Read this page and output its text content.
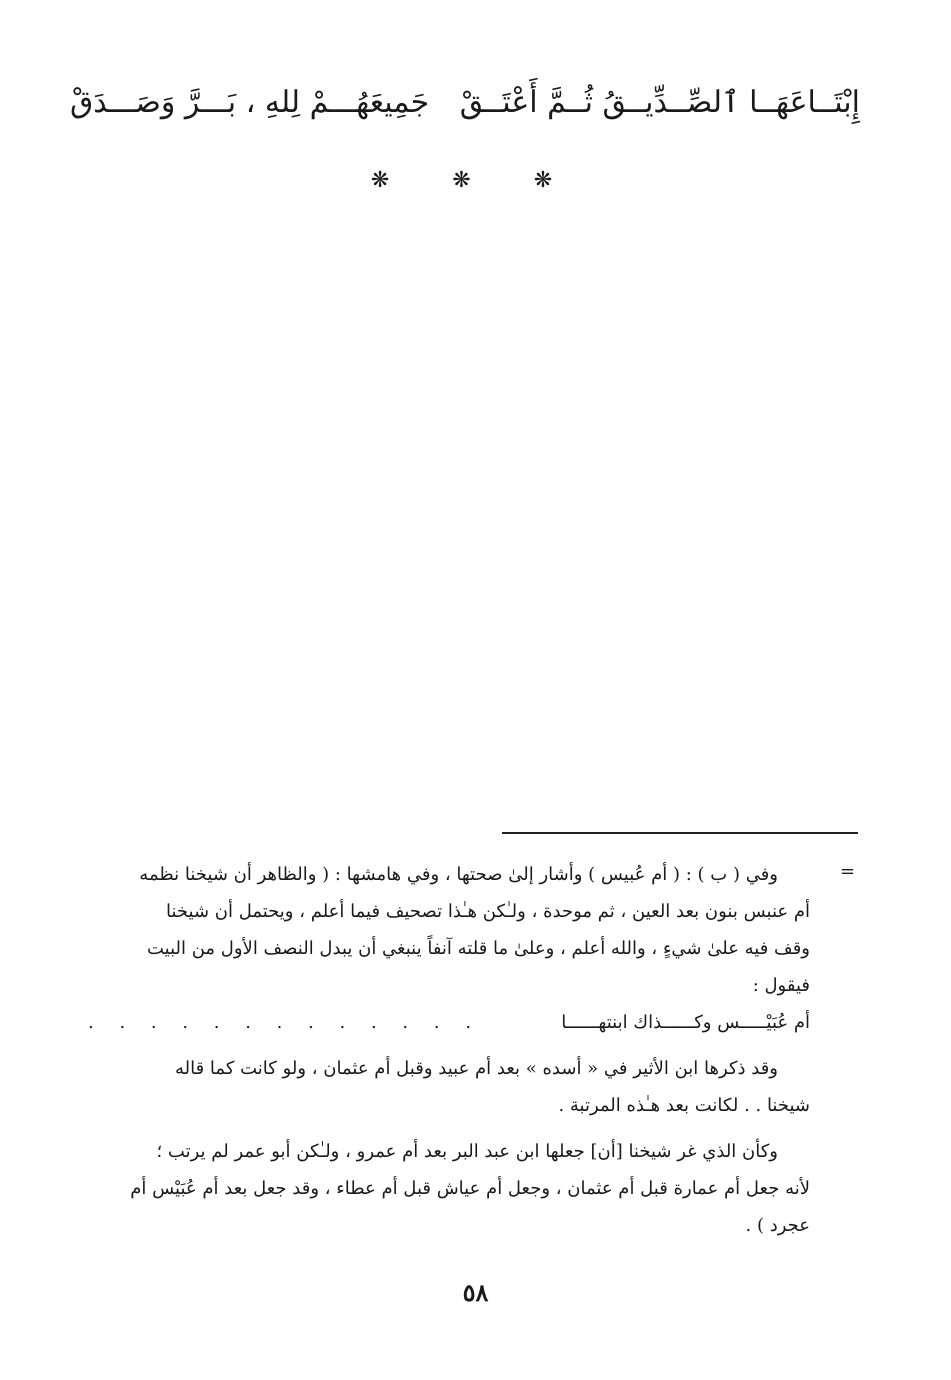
إِبْتَــاعَهَــا ٱلصِّــدِّيــقُ ثُــمَّ أَعْتَــقْ
جَمِيعَهُـــمْ لِلهِ ، بَـــرَّ وَصَـــدَقْ
❋ ❋ ❋
=
وفي ( ب ) : ( أم عُبيس ) وأشار إلىٰ صحتها ، وفي هامشها : ( والظاهر أن شيخنا نظمه
أم عنبس بنون بعد العين ، ثم موحدة ، ولـٰكن هـٰذا تصحيف فيما أعلم ، ويحتمل أن شيخنا
وقف فيه علىٰ شيءٍ ، والله أعلم ، وعلىٰ ما قلته آنفاً ينبغي أن يبدل النصف الأول من البيت
فيقول :
أم عُبَيْـــــس وكــــــذاك ابنتهــــــا
. . . . . . . . . . . . .
وقد ذكرها ابن الأثير في « أسده » بعد أم عبيد وقبل أم عثمان ، ولو كانت كما قاله
شيخنا . . لكانت بعد هـٰذه المرتبة .
وكأن الذي غر شيخنا [أن] جعلها ابن عبد البر بعد أم عمرو ، ولـٰكن أبو عمر لم يرتب ؛
لأنه جعل أم عمارة قبل أم عثمان ، وجعل أم عياش قبل أم عطاء ، وقد جعل بعد أم عُبَيْس أم
عجرد ) .
٥٨
